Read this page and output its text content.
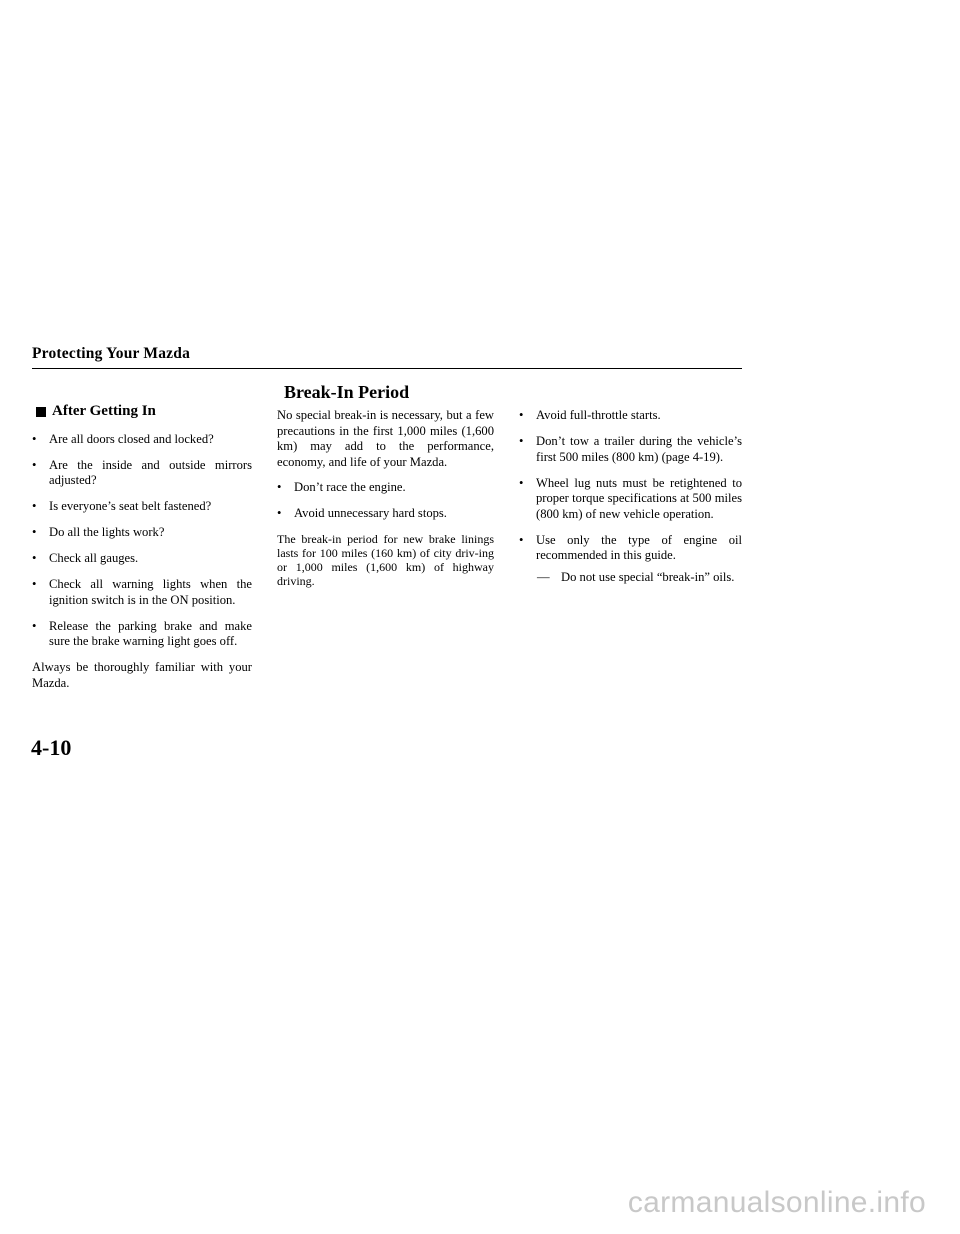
Protecting Your Mazda
Break-In Period
After Getting In
• Are all doors closed and locked?
• Are the inside and outside mirrors adjusted?
• Is everyone’s seat belt fastened?
• Do all the lights work?
• Check all gauges.
• Check all warning lights when the ignition switch is in the ON position.
• Release the parking brake and make sure the brake warning light goes off.
Always be thoroughly familiar with your Mazda.
No special break-in is necessary, but a few precautions in the first 1,000 miles (1,600 km) may add to the performance, economy, and life of your Mazda.
• Don’t race the engine.
• Avoid unnecessary hard stops.
The break-in period for new brake linings lasts for 100 miles (160 km) of city driv-ing or 1,000 miles (1,600 km) of highway driving.
• Avoid full-throttle starts.
• Don’t tow a trailer during the vehicle’s first 500 miles (800 km) (page 4-19).
• Wheel lug nuts must be retightened to proper torque specifications at 500 miles (800 km) of new vehicle operation.
• Use only the type of engine oil recommended in this guide.
— Do not use special “break-in” oils.
4-10
carmanualsonline.info
